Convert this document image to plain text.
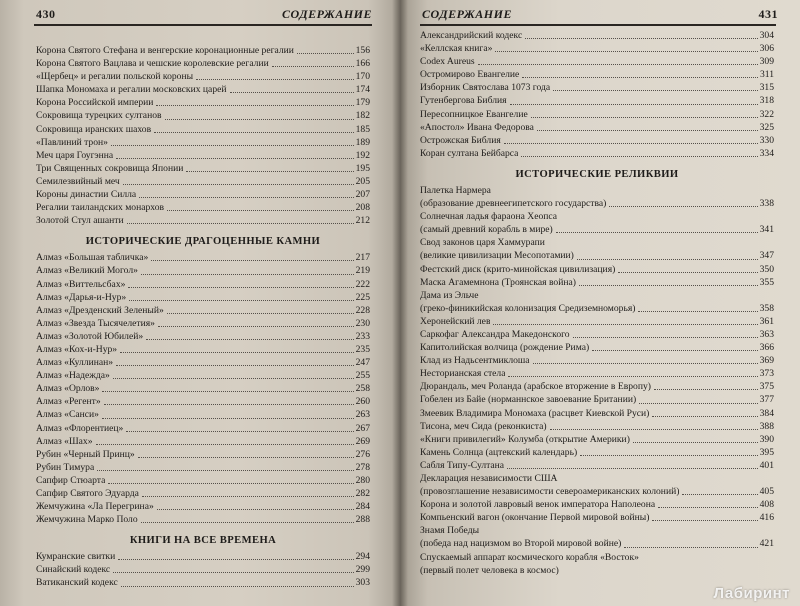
430	СОДЕРЖАНИЕ
Корона Святого Стефана и венгерские коронационные регалии	156
Корона Святого Вацлава и чешские королевские регалии	166
«Щербец» и регалии польской короны	170
Шапка Мономаха и регалии московских царей	174
Корона Российской империи	179
Сокровища турецких султанов	182
Сокровища иранских шахов	185
«Павлиний трон»	189
Меч царя Гоугэнна	192
Три Священных сокровища Японии	195
Семилезвийный меч	205
Короны династии Силла	207
Регалии таиландских монархов	208
Золотой Стул ашанти	212
ИСТОРИЧЕСКИЕ ДРАГОЦЕННЫЕ КАМНИ
Алмаз «Большая табличка»	217
Алмаз «Великий Могол»	219
Алмаз «Виттельсбах»	222
Алмаз «Дарья-и-Нур»	225
Алмаз «Дрезденский Зеленый»	228
Алмаз «Звезда Тысячелетия»	230
Алмаз «Золотой Юбилей»	233
Алмаз «Кох-и-Нур»	235
Алмаз «Куллинан»	247
Алмаз «Надежда»	255
Алмаз «Орлов»	258
Алмаз «Регент»	260
Алмаз «Санси»	263
Алмаз «Флорентиец»	267
Алмаз «Шах»	269
Рубин «Черный Принц»	276
Рубин Тимура	278
Сапфир Стюарта	280
Сапфир Святого Эдуарда	282
Жемчужина «Ла Перегрина»	284
Жемчужина Марко Поло	288
КНИГИ НА ВСЕ ВРЕМЕНА
Кумранские свитки	294
Синайский кодекс	299
Ватиканский кодекс	303
СОДЕРЖАНИЕ	431
Александрийский кодекс	304
«Келлская книга»	306
Codex Aureus	309
Остромирово Евангелие	311
Изборник Святослава 1073 года	315
Гутенбергова Библия	318
Пересопницкое Евангелие	322
«Апостол» Ивана Федорова	325
Острожская Библия	330
Коран султана Бейбарса	334
ИСТОРИЧЕСКИЕ РЕЛИКВИИ
Палетка Нармера
(образование древнеегипетского государства)	338
Солнечная ладья фараона Хеопса
(самый древний корабль в мире)	341
Свод законов царя Хаммурапи
(великие цивилизации Месопотамии)	347
Фестский диск (крито-минойская цивилизация)	350
Маска Агамемнона (Троянская война)	355
Дама из Эльче
(греко-финикийская колонизация Средиземноморья)	358
Херонейский лев	361
Саркофаг Александра Македонского	363
Капитолийская волчица (рождение Рима)	366
Клад из Надьсентмиклоша	369
Несторианская стела	373
Дюрандаль, меч Роланда (арабское вторжение в Европу)	375
Гобелен из Байе (норманнское завоевание Британии)	377
Змеевик Владимира Мономаха (расцвет Киевской Руси)	384
Тисона, меч Сида (реконкиста)	388
«Книги привилегий» Колумба (открытие Америки)	390
Камень Солнца (ацтекский календарь)	395
Сабля Типу-Султана	401
Декларация независимости США
(провозглашение независимости североамериканских колоний)	405
Корона и золотой лавровый венок императора Наполеона	408
Компьенский вагон (окончание Первой мировой войны)	416
Знамя Победы
(победа над нацизмом во Второй мировой войне)	421
Спускаемый аппарат космического корабля «Восток»
(первый полет человека в космос)
Лабиринт
